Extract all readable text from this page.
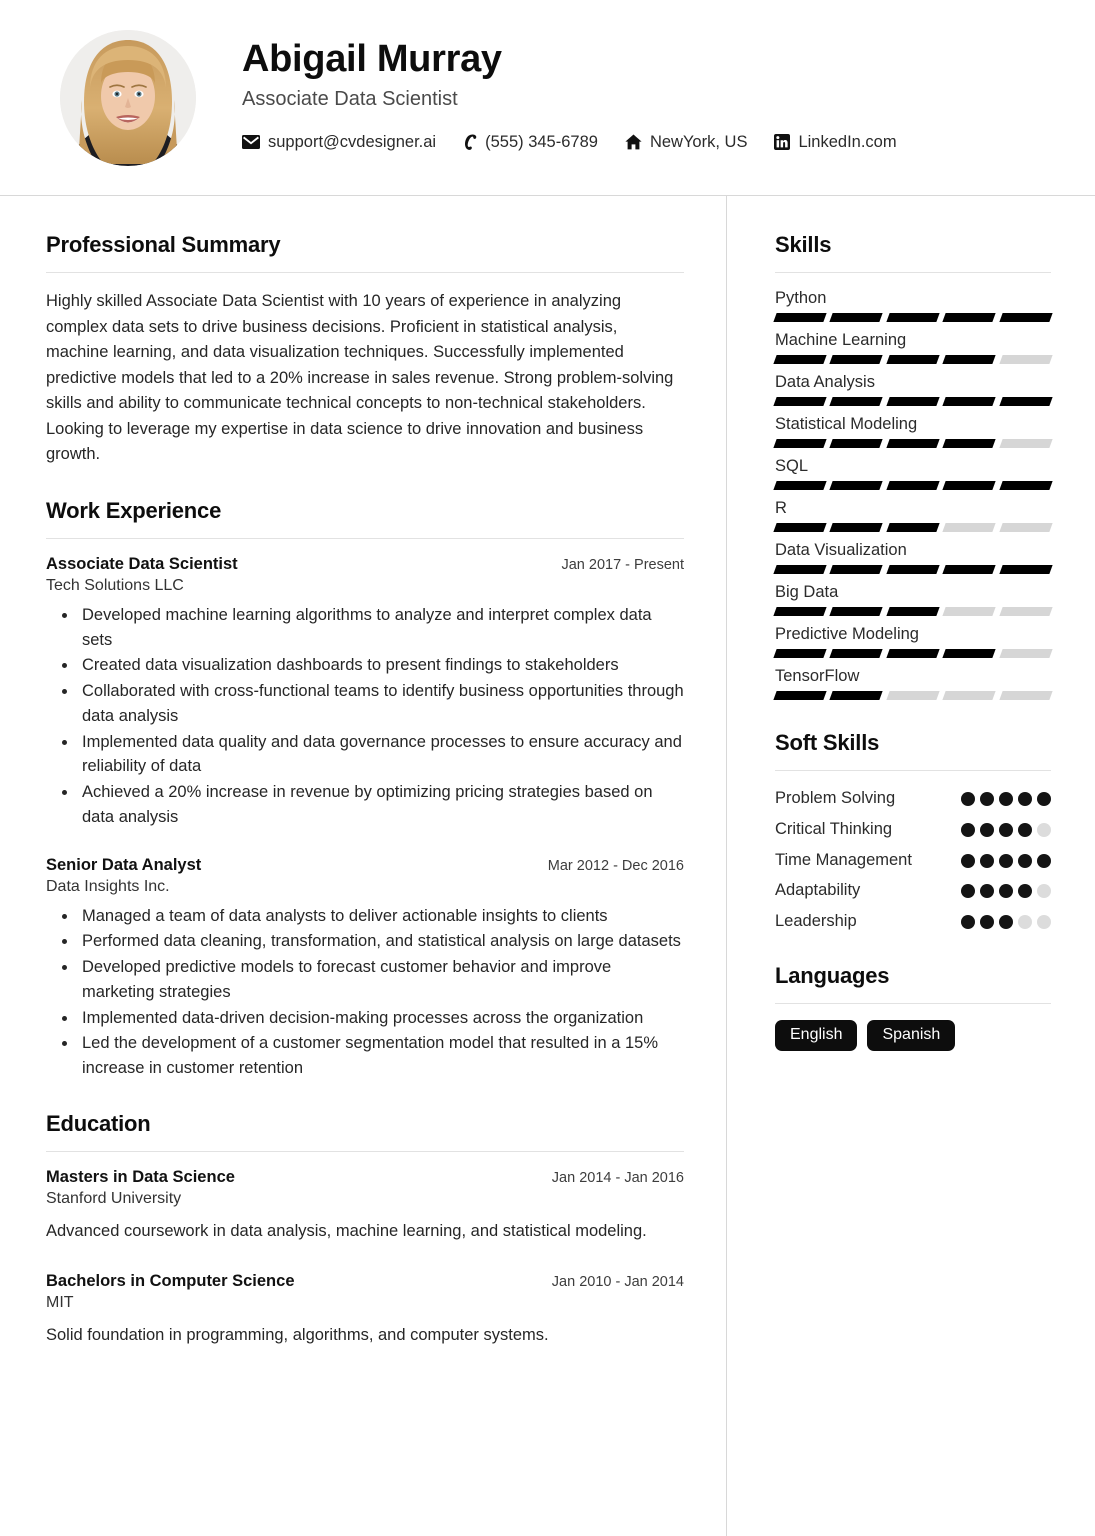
Abigail Murray
Associate Data Scientist
support@cvdesigner.ai	(555) 345-6789	NewYork, US	LinkedIn.com
Professional Summary

Highly skilled Associate Data Scientist with 10 years of experience in analyzing complex data sets to drive business decisions. Proficient in statistical analysis, machine learning, and data visualization techniques. Successfully implemented predictive models that led to a 20% increase in sales revenue. Strong problem-solving skills and ability to communicate technical concepts to non-technical stakeholders. Looking to leverage my expertise in data science to drive innovation and business growth.

Work Experience
Associate Data Scientist	Jan 2017 - Present
Tech Solutions LLC
• Developed machine learning algorithms to analyze and interpret complex data sets
• Created data visualization dashboards to present findings to stakeholders
• Collaborated with cross-functional teams to identify business opportunities through data analysis
• Implemented data quality and data governance processes to ensure accuracy and reliability of data
• Achieved a 20% increase in revenue by optimizing pricing strategies based on data analysis
Senior Data Analyst	Mar 2012 - Dec 2016
Data Insights Inc.
• Managed a team of data analysts to deliver actionable insights to clients
• Performed data cleaning, transformation, and statistical analysis on large datasets
• Developed predictive models to forecast customer behavior and improve marketing strategies
• Implemented data-driven decision-making processes across the organization
• Led the development of a customer segmentation model that resulted in a 15% increase in customer retention
Education
Masters in Data Science	Jan 2014 - Jan 2016
Stanford University
Advanced coursework in data analysis, machine learning, and statistical modeling.
Bachelors in Computer Science	Jan 2010 - Jan 2014
MIT
Solid foundation in programming, algorithms, and computer systems.
Skills
Python
Machine Learning
Data Analysis
Statistical Modeling
SQL
R
Data Visualization
Big Data
Predictive Modeling
TensorFlow
Soft Skills
Problem Solving
Critical Thinking
Time Management
Adaptability
Leadership
Languages
English	Spanish
